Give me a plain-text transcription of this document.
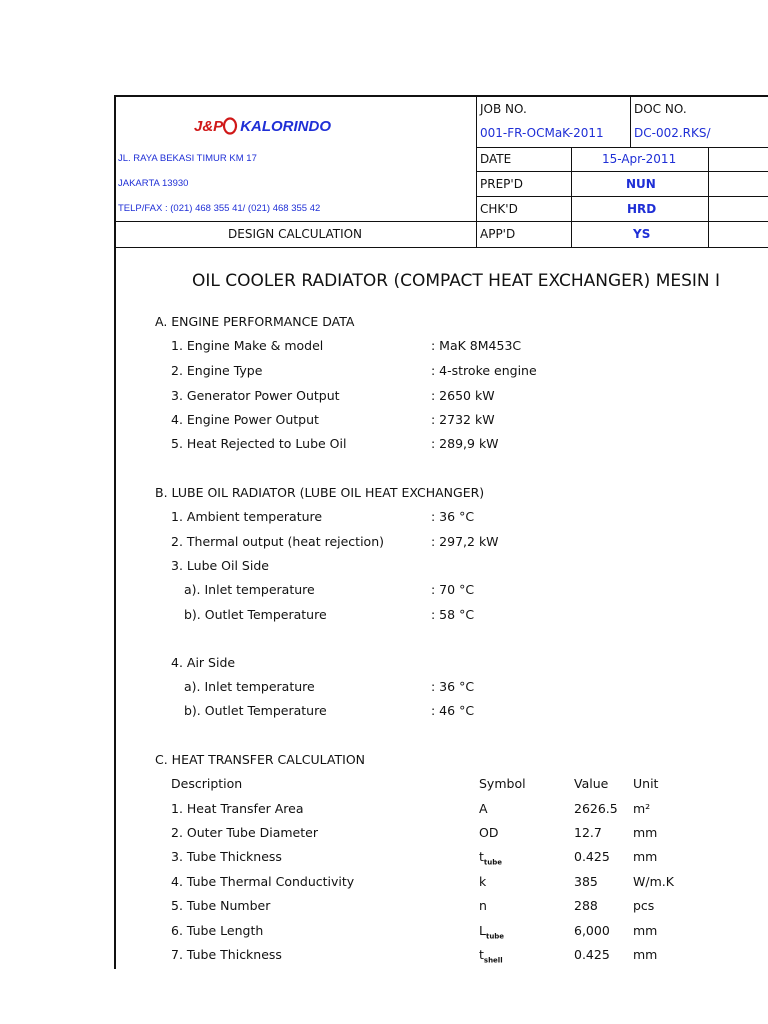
J&P KALORINDO
JL. RAYA BEKASI TIMUR KM 17
JAKARTA 13930
TELP/FAX : (021) 468 355 41/ (021) 468 355 42
JOB NO.
001-FR-OCMaK-2011
DOC NO.
DC-002.RKS/
DATE	15-Apr-2011
PREP'D	NUN
CHK'D	HRD
APP'D	YS
DESIGN CALCULATION
OIL COOLER RADIATOR (COMPACT HEAT EXCHANGER) MESIN I
A. ENGINE PERFORMANCE DATA
1. Engine Make & model	: MaK 8M453C
2. Engine Type	: 4-stroke engine
3. Generator Power Output	: 2650 kW
4. Engine Power Output	: 2732 kW
5. Heat Rejected to Lube Oil	: 289,9 kW
B. LUBE OIL RADIATOR (LUBE OIL HEAT EXCHANGER)
1. Ambient temperature	: 36 °C
2. Thermal output (heat rejection)	: 297,2 kW
3. Lube Oil Side
a). Inlet temperature	: 70 °C
b). Outlet Temperature	: 58 °C
4. Air Side
a). Inlet temperature	: 36 °C
b). Outlet Temperature	: 46 °C
C. HEAT TRANSFER CALCULATION
Description	Symbol	Value Unit
1. Heat Transfer Area	A	2626.5 m²
2. Outer Tube Diameter	OD	12.7 mm
3. Tube Thickness	$t_{tube}$	0.425 mm
4. Tube Thermal Conductivity	k	385	W/m.K
5. Tube Number	n	288	pcs
6. Tube Length	$L_{tube}$	6,000 mm
7. Tube Thickness	$t_{shell}$	0.425 mm
